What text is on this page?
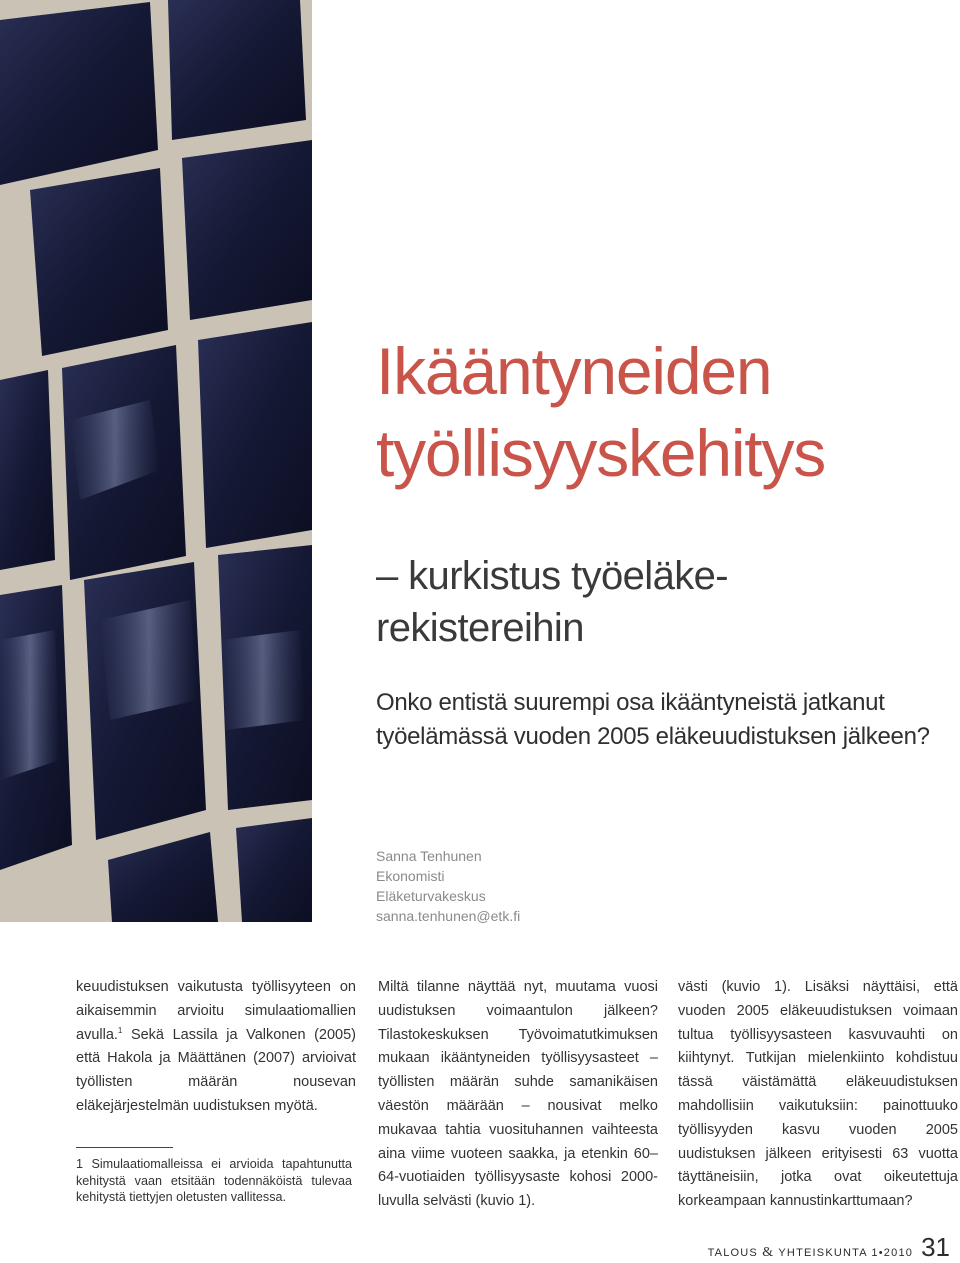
Ikääntyneiden
työllisyyskehitys
– kurkistus työeläke-
rekistereihin
Onko entistä suurempi osa ikääntyneistä jatkanut työelämässä vuoden 2005 eläkeuudistuksen jälkeen?
Sanna Tenhunen
Ekonomisti
Eläketurvakeskus
sanna.tenhunen@etk.fi

keuudistuksen vaikutusta työllisyyteen on aikaisemmin arvioitu simulaatiomallien avulla.$^1$ Sekä Lassila ja Valkonen (2005) että Hakola ja Määttänen (2007) arvioivat työllisten määrän nousevan eläkejärjestelmän uudistuksen myötä.

1 Simulaatiomalleissa ei arvioida tapahtunutta kehitystä vaan etsitään todennäköistä tulevaa kehitystä tiettyjen oletusten vallitessa.

Miltä tilanne näyttää nyt, muutama vuosi uudistuksen voimaantulon jälkeen? Tilastokeskuksen Työvoimatutkimuksen mukaan ikääntyneiden työllisyysasteet – työllisten määrän suhde samanikäisen väestön määrään – nousivat melko mukavaa tahtia vuosituhannen vaihteesta aina viime vuoteen saakka, ja etenkin 60–64-vuotiaiden työllisyysaste kohosi 2000-luvulla selvästi (kuvio 1).

västi (kuvio 1). Lisäksi näyttäisi, että vuoden 2005 eläkeuudistuksen voimaan tultua työllisyysasteen kasvuvauhti on kiihtynyt. Tutkijan mielenkiinto kohdistuu tässä väistämättä eläkeuudistuksen mahdollisiin vaikutuksiin: painottuuko työllisyyden kasvu vuoden 2005 uudistuksen jälkeen erityisesti 63 vuotta täyttäneisiin, jotka ovat oikeutettuja korkeampaan kannustinkarttumaan?

TALOUS & YHTEISKUNTA 1•2010 31
